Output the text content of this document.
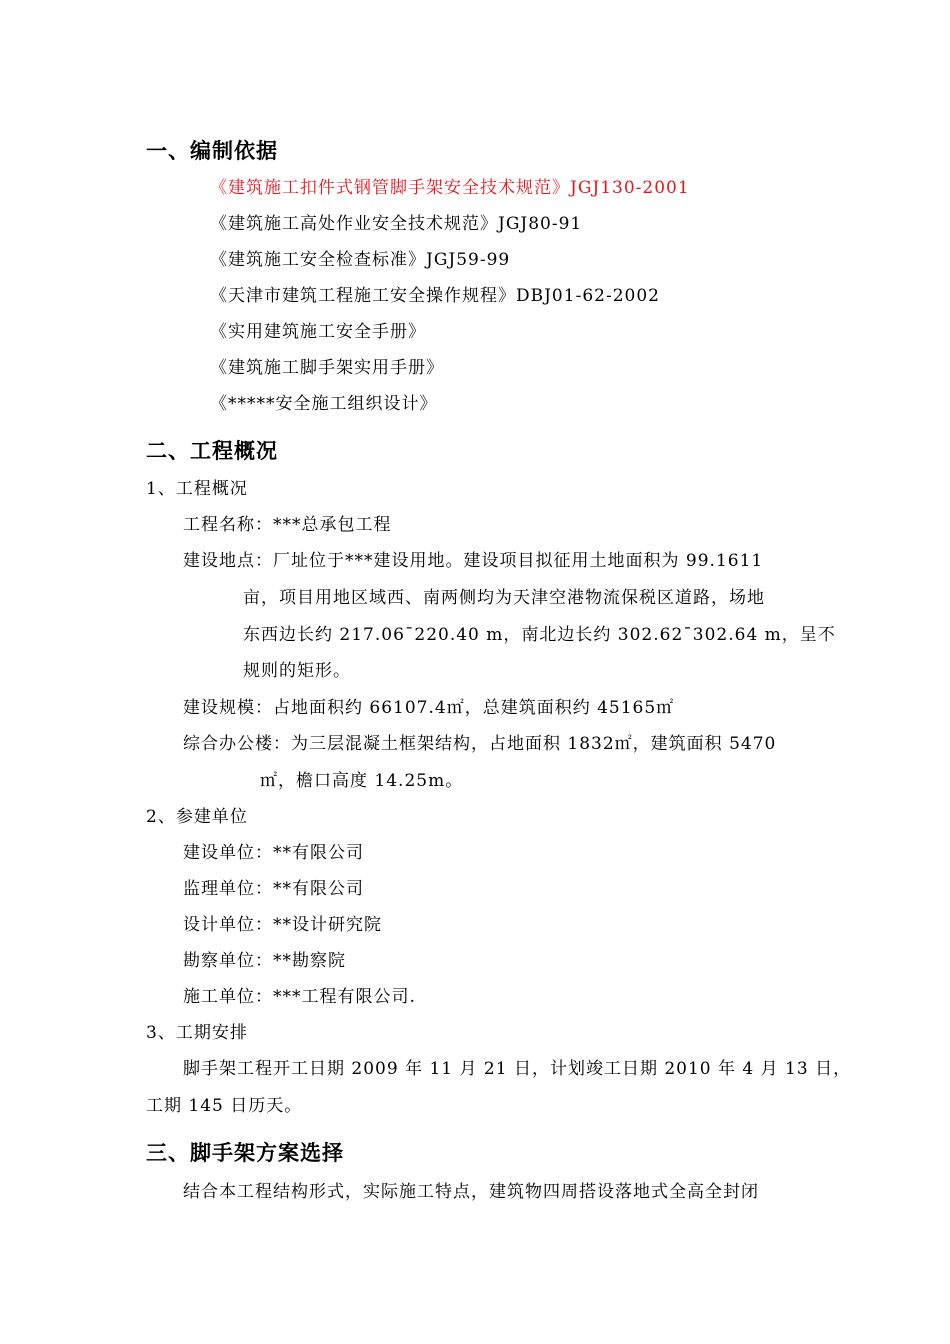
一、编制依据
《建筑施工扣件式钢管脚手架安全技术规范》JGJ130-2001
《建筑施工高处作业安全技术规范》JGJ80-91
《建筑施工安全检查标准》JGJ59-99
《天津市建筑工程施工安全操作规程》DBJ01-62-2002
《实用建筑施工安全手册》
《建筑施工脚手架实用手册》
《*****安全施工组织设计》
二、工程概况
1、工程概况
工程名称：***总承包工程
建设地点：厂址位于***建设用地。建设项目拟征用土地面积为 99.1611
亩，项目用地区域西、南两侧均为天津空港物流保税区道路，场地
东西边长约 217.06¯220.40 m，南北边长约 302.62¯302.64 m，呈不
规则的矩形。
建设规模：占地面积约 66107.4㎡，总建筑面积约 45165㎡
综合办公楼：为三层混凝土框架结构，占地面积 1832㎡，建筑面积 5470
㎡，檐口高度 14.25m。
2、参建单位
建设单位：**有限公司
监理单位：**有限公司
设计单位：**设计研究院
勘察单位：**勘察院
施工单位：***工程有限公司.
3、工期安排
脚手架工程开工日期 2009 年 11 月 21 日，计划竣工日期 2010 年 4 月 13 日，
工期 145 日历天。
三、脚手架方案选择
结合本工程结构形式，实际施工特点，建筑物四周搭设落地式全高全封闭
